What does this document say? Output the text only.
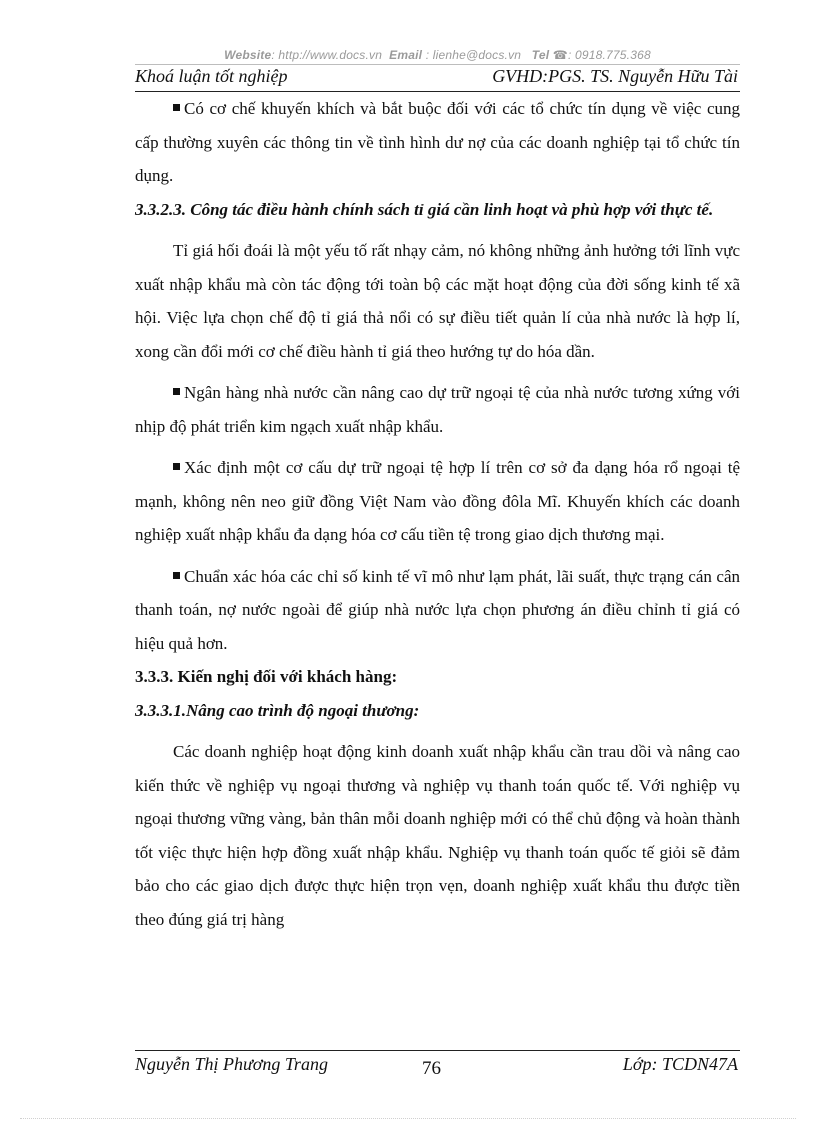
Website: http://www.docs.vn Email : lienhe@docs.vn Tel ☎: 0918.775.368
Khoá luận tốt nghiệp	GVHD:PGS. TS. Nguyễn Hữu Tài

Có cơ chế khuyến khích và bắt buộc đối với các tổ chức tín dụng về việc cung cấp thường xuyên các thông tin về tình hình dư nợ của các doanh nghiệp tại tổ chức tín dụng.

3.3.2.3. Công tác điều hành chính sách tỉ giá cần linh hoạt và phù hợp với thực tế.

Tỉ giá hối đoái là một yếu tố rất nhạy cảm, nó không những ảnh hưởng tới lĩnh vực xuất nhập khẩu mà còn tác động tới toàn bộ các mặt hoạt động của đời sống kinh tế xã hội. Việc lựa chọn chế độ tỉ giá thả nổi có sự điều tiết quản lí của nhà nước là hợp lí, xong cần đổi mới cơ chế điều hành tỉ giá theo hướng tự do hóa dần.

Ngân hàng nhà nước cần nâng cao dự trữ ngoại tệ của nhà nước tương xứng với nhịp độ phát triển kim ngạch xuất nhập khẩu.

Xác định một cơ cấu dự trữ ngoại tệ hợp lí trên cơ sở đa dạng hóa rổ ngoại tệ mạnh, không nên neo giữ đồng Việt Nam vào đồng đôla Mĩ. Khuyến khích các doanh nghiệp xuất nhập khẩu đa dạng hóa cơ cấu tiền tệ trong giao dịch thương mại.

Chuẩn xác hóa các chỉ số kinh tế vĩ mô như lạm phát, lãi suất, thực trạng cán cân thanh toán, nợ nước ngoài để giúp nhà nước lựa chọn phương án điều chỉnh tỉ giá có hiệu quả hơn.

3.3.3. Kiến nghị đối với khách hàng:

3.3.3.1.Nâng cao trình độ ngoại thương:

Các doanh nghiệp hoạt động kinh doanh xuất nhập khẩu cần trau dồi và nâng cao kiến thức về nghiệp vụ ngoại thương và nghiệp vụ thanh toán quốc tế. Với nghiệp vụ ngoại thương vững vàng, bản thân mỗi doanh nghiệp mới có thể chủ động và hoàn thành tốt việc thực hiện hợp đồng xuất nhập khẩu. Nghiệp vụ thanh toán quốc tế giỏi sẽ đảm bảo cho các giao dịch được thực hiện trọn vẹn, doanh nghiệp xuất khẩu thu được tiền theo đúng giá trị hàng

Nguyễn Thị Phương Trang	76	Lớp: TCDN47A
